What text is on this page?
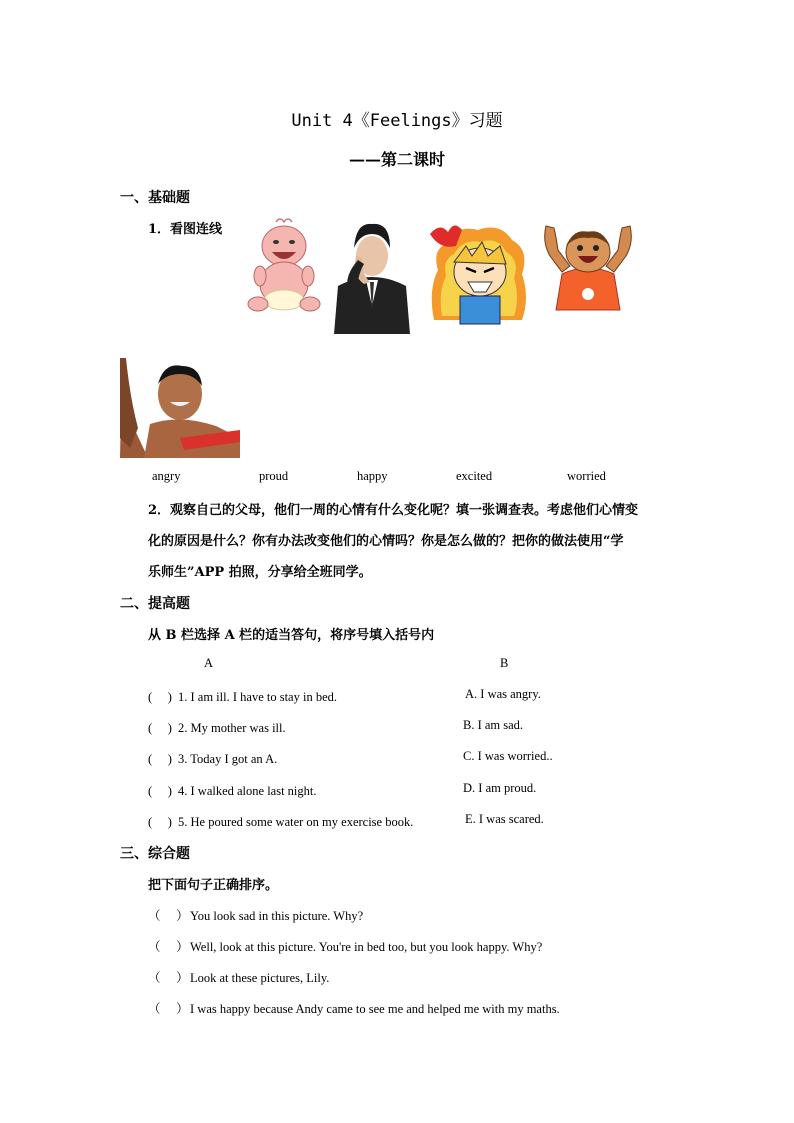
Unit 4《Feelings》习题
——第二课时
一、基础题
1．看图连线
angry	proud	happy	excited	worried
2．观察自己的父母，他们一周的心情有什么变化呢？填一张调查表。考虑他们心情变
化的原因是什么？你有办法改变他们的心情吗？你是怎么做的？把你的做法使用“学
乐师生”APP 拍照，分享给全班同学。
二、提高题
从 B 栏选择 A 栏的适当答句，将序号填入括号内
A	B
(　 ) 1. I am ill. I have to stay in bed.	A. I was angry.
(　 ) 2. My mother was ill.	B. I am sad.
(　 ) 3. Today I got an A.	C. I was worried..
(　 ) 4. I walked alone last night.	D. I am proud.
(　 ) 5. He poured some water on my exercise book.	E. I was scared.
三、综合题
把下面句子正确排序。
（　 ）You look sad in this picture. Why?
（　 ）Well, look at this picture. You're in bed too, but you look happy. Why?
（　 ）Look at these pictures, Lily.
（　 ）I was happy because Andy came to see me and helped me with my maths.
